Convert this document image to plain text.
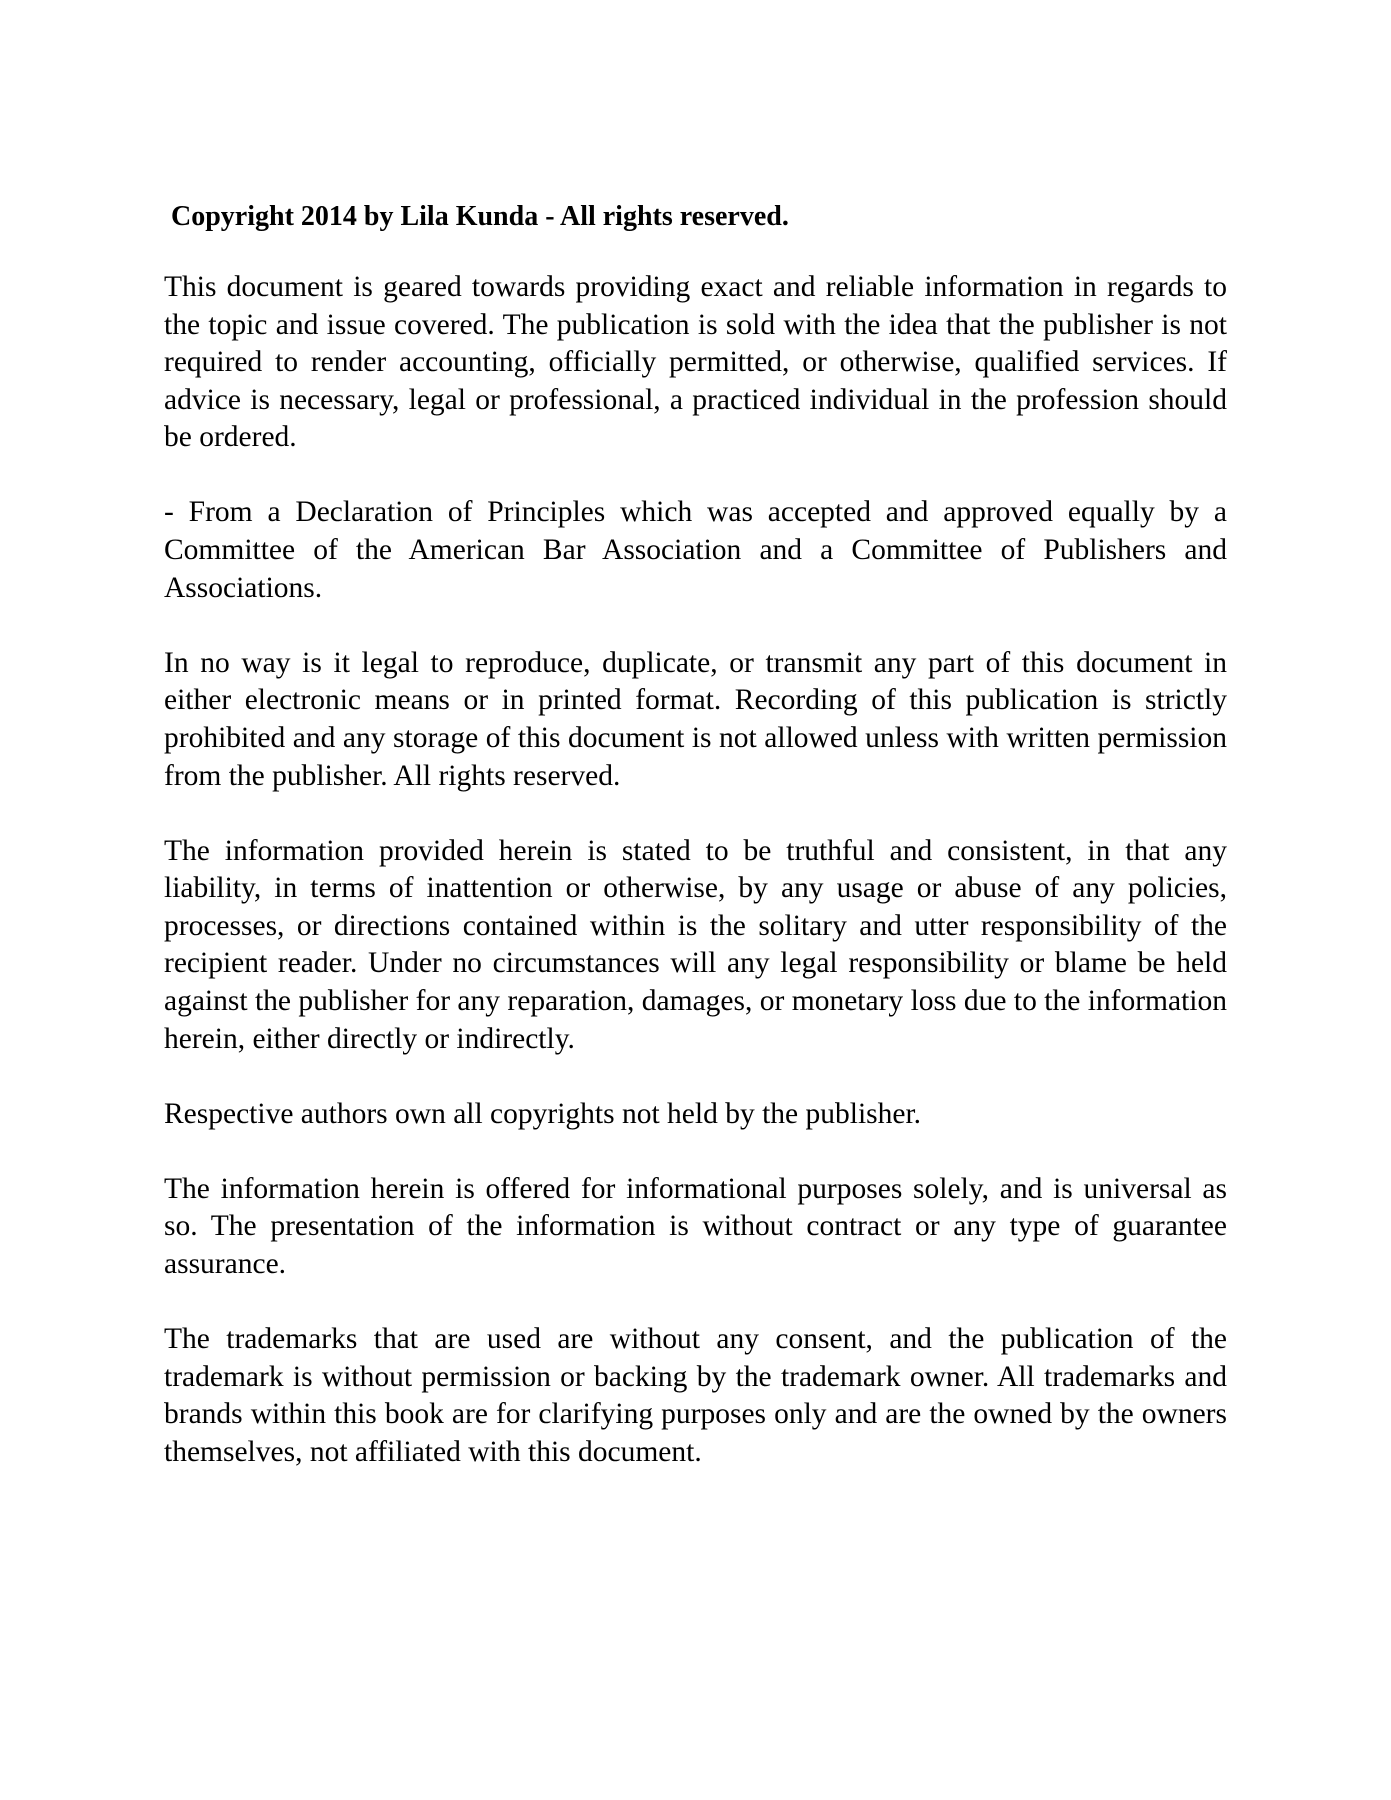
Copyright 2014 by Lila Kunda - All rights reserved.

This document is geared towards providing exact and reliable information in regards to the topic and issue covered. The publication is sold with the idea that the publisher is not required to render accounting, officially permitted, or otherwise, qualified services. If advice is necessary, legal or professional, a practiced individual in the profession should be ordered.

- From a Declaration of Principles which was accepted and approved equally by a Committee of the American Bar Association and a Committee of Publishers and Associations.

In no way is it legal to reproduce, duplicate, or transmit any part of this document in either electronic means or in printed format. Recording of this publication is strictly prohibited and any storage of this document is not allowed unless with written permission from the publisher. All rights reserved.

The information provided herein is stated to be truthful and consistent, in that any liability, in terms of inattention or otherwise, by any usage or abuse of any policies, processes, or directions contained within is the solitary and utter responsibility of the recipient reader. Under no circumstances will any legal responsibility or blame be held against the publisher for any reparation, damages, or monetary loss due to the information herein, either directly or indirectly.

Respective authors own all copyrights not held by the publisher.

The information herein is offered for informational purposes solely, and is universal as so. The presentation of the information is without contract or any type of guarantee assurance.

The trademarks that are used are without any consent, and the publication of the trademark is without permission or backing by the trademark owner. All trademarks and brands within this book are for clarifying purposes only and are the owned by the owners themselves, not affiliated with this document.
